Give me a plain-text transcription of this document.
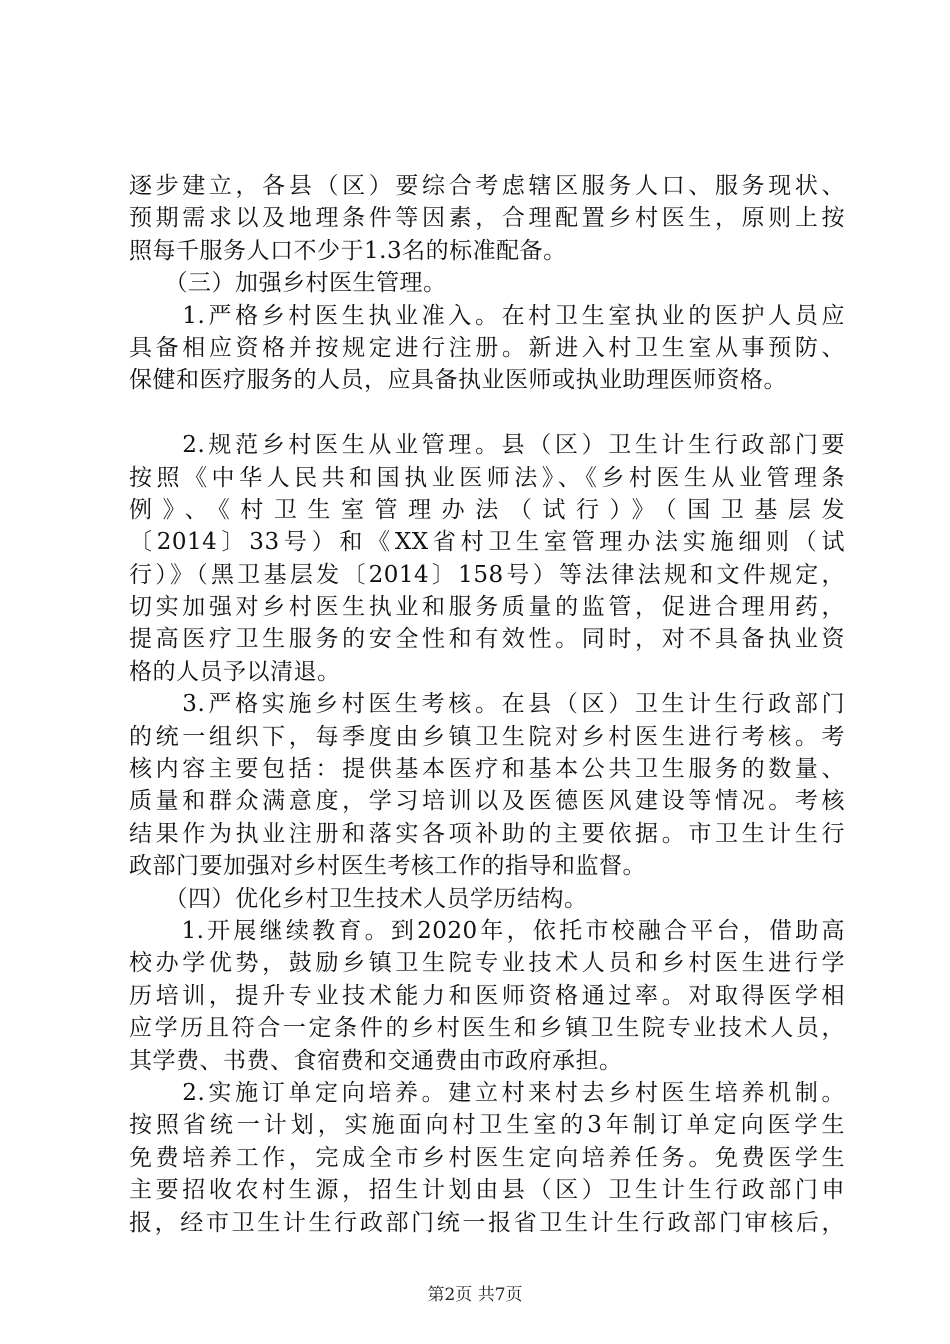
逐步建立，各县（区）要综合考虑辖区服务人口、服务现状、
预期需求以及地理条件等因素，合理配置乡村医生，原则上按
照每千服务人口不少于1.3名的标准配备。
　　（三）加强乡村医生管理。
　　1.严格乡村医生执业准入。在村卫生室执业的医护人员应
具备相应资格并按规定进行注册。新进入村卫生室从事预防、
保健和医疗服务的人员，应具备执业医师或执业助理医师资格。
　　2.规范乡村医生从业管理。县（区）卫生计生行政部门要
按照《中华人民共和国执业医师法》、《乡村医生从业管理条
例》、《村卫生室管理办法（试行）》（国卫基层发
〔2014〕33号）和《XX省村卫生室管理办法实施细则（试
行）》（黑卫基层发〔2014〕158号）等法律法规和文件规定，
切实加强对乡村医生执业和服务质量的监管，促进合理用药，
提高医疗卫生服务的安全性和有效性。同时，对不具备执业资
格的人员予以清退。
　　3.严格实施乡村医生考核。在县（区）卫生计生行政部门
的统一组织下，每季度由乡镇卫生院对乡村医生进行考核。考
核内容主要包括：提供基本医疗和基本公共卫生服务的数量、
质量和群众满意度，学习培训以及医德医风建设等情况。考核
结果作为执业注册和落实各项补助的主要依据。市卫生计生行
政部门要加强对乡村医生考核工作的指导和监督。
　　（四）优化乡村卫生技术人员学历结构。
　　1.开展继续教育。到2020年，依托市校融合平台，借助高
校办学优势，鼓励乡镇卫生院专业技术人员和乡村医生进行学
历培训，提升专业技术能力和医师资格通过率。对取得医学相
应学历且符合一定条件的乡村医生和乡镇卫生院专业技术人员，
其学费、书费、食宿费和交通费由市政府承担。
　　2.实施订单定向培养。建立村来村去乡村医生培养机制。
按照省统一计划，实施面向村卫生室的3年制订单定向医学生
免费培养工作，完成全市乡村医生定向培养任务。免费医学生
主要招收农村生源，招生计划由县（区）卫生计生行政部门申
报，经市卫生计生行政部门统一报省卫生计生行政部门审核后，
第2页 共7页
